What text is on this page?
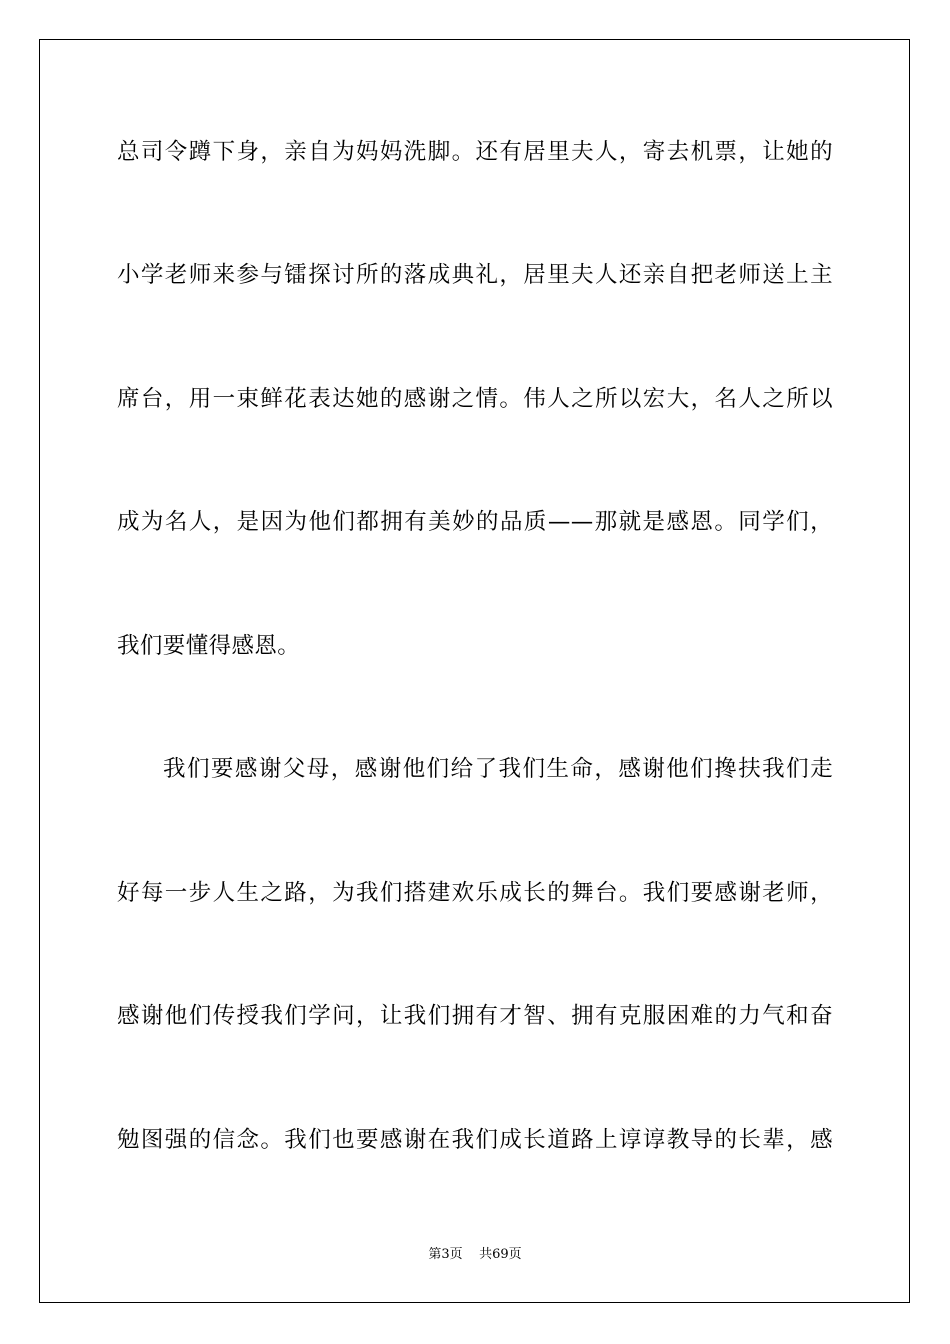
总司令蹲下身，亲自为妈妈洗脚。还有居里夫人，寄去机票，让她的
小学老师来参与镭探讨所的落成典礼，居里夫人还亲自把老师送上主
席台，用一束鲜花表达她的感谢之情。伟人之所以宏大，名人之所以
成为名人，是因为他们都拥有美妙的品质——那就是感恩。同学们，
我们要懂得感恩。
我们要感谢父母，感谢他们给了我们生命，感谢他们搀扶我们走
好每一步人生之路，为我们搭建欢乐成长的舞台。我们要感谢老师，
感谢他们传授我们学问，让我们拥有才智、拥有克服困难的力气和奋
勉图强的信念。我们也要感谢在我们成长道路上谆谆教导的长辈，感
第3页 共69页
